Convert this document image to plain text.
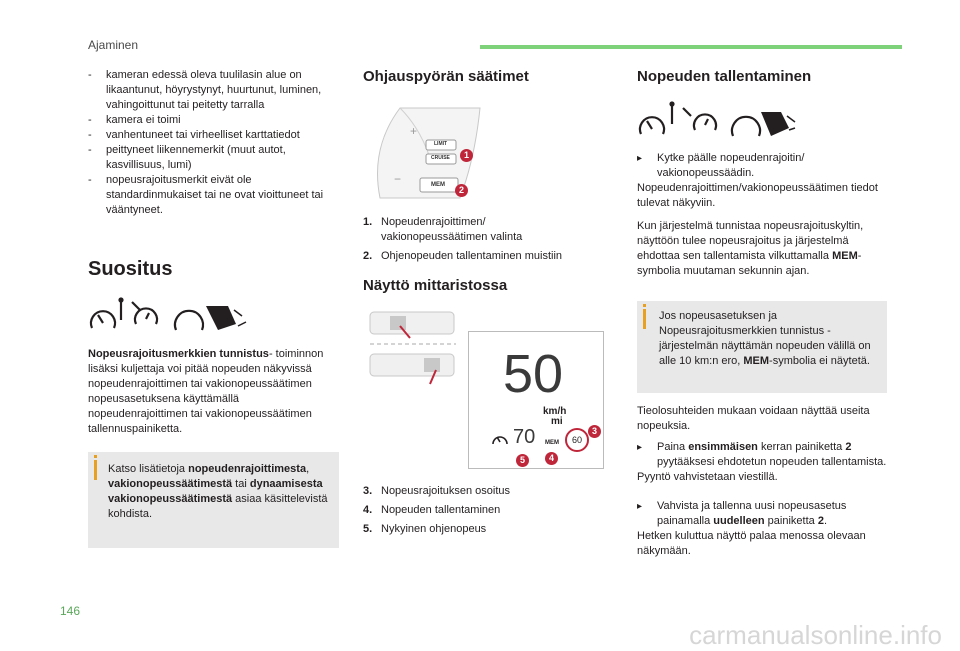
Ajaminen
- kameran edessä oleva tuulilasin alue on likaantunut, höyrystynyt, huurtunut, luminen, vahingoittunut tai peitetty tarralla
- kamera ei toimi
- vanhentuneet tai virheelliset karttatiedot
- peittyneet liikennemerkit (muut autot, kasvillisuus, lumi)
- nopeusrajoitusmerkit eivät ole standardinmukaiset tai ne ovat vioittuneet tai vääntyneet.
Suositus

Nopeusrajoitusmerkkien tunnistus- toiminnon lisäksi kuljettaja voi pitää nopeuden näkyvissä nopeudenrajoittimen tai vakionopeussäätimen nopeusasetuksena käyttämällä nopeudenrajoittimen tai vakionopeussäätimen tallennuspainiketta.

Katso lisätietoja nopeudenrajoittimesta, vakionopeussäätimestä tai dynaamisesta vakionopeussäätimestä asiaa käsittelevistä kohdista.

Ohjauspyörän säätimet
+
−
LIMIT
CRUISE
MEM
1
2
1. Nopeudenrajoittimen/ vakionopeussäätimen valinta
2. Ohjenopeuden tallentaminen muistiin
Näyttö mittaristossa
50
km/h
mi
70 MEM	60
3
4
5
3. Nopeusrajoituksen osoitus
4. Nopeuden tallentaminen
5. Nykyinen ohjenopeus
Nopeuden tallentaminen
▸ Kytke päälle nopeudenrajoitin/ vakionopeussäädin.

Nopeudenrajoittimen/vakionopeussäätimen tiedot tulevat näkyviin.

Kun järjestelmä tunnistaa nopeusrajoituskyltin, näyttöön tulee nopeusrajoitus ja järjestelmä ehdottaa sen tallentamista vilkuttamalla MEM-symbolia muutaman sekunnin ajan.

Jos nopeusasetuksen ja Nopeusrajoitusmerkkien tunnistus -järjestelmän näyttämän nopeuden välillä on alle 10 km:n ero, MEM-symbolia ei näytetä.

Tieolosuhteiden mukaan voidaan näyttää useita nopeuksia.

▸ Paina ensimmäisen kerran painiketta 2 pyytääksesi ehdotetun nopeuden tallentamista.

Pyyntö vahvistetaan viestillä.

▸ Vahvista ja tallenna uusi nopeusasetus painamalla uudelleen painiketta 2.

Hetken kuluttua näyttö palaa menossa olevaan näkymään.

146
carmanualsonline.info
